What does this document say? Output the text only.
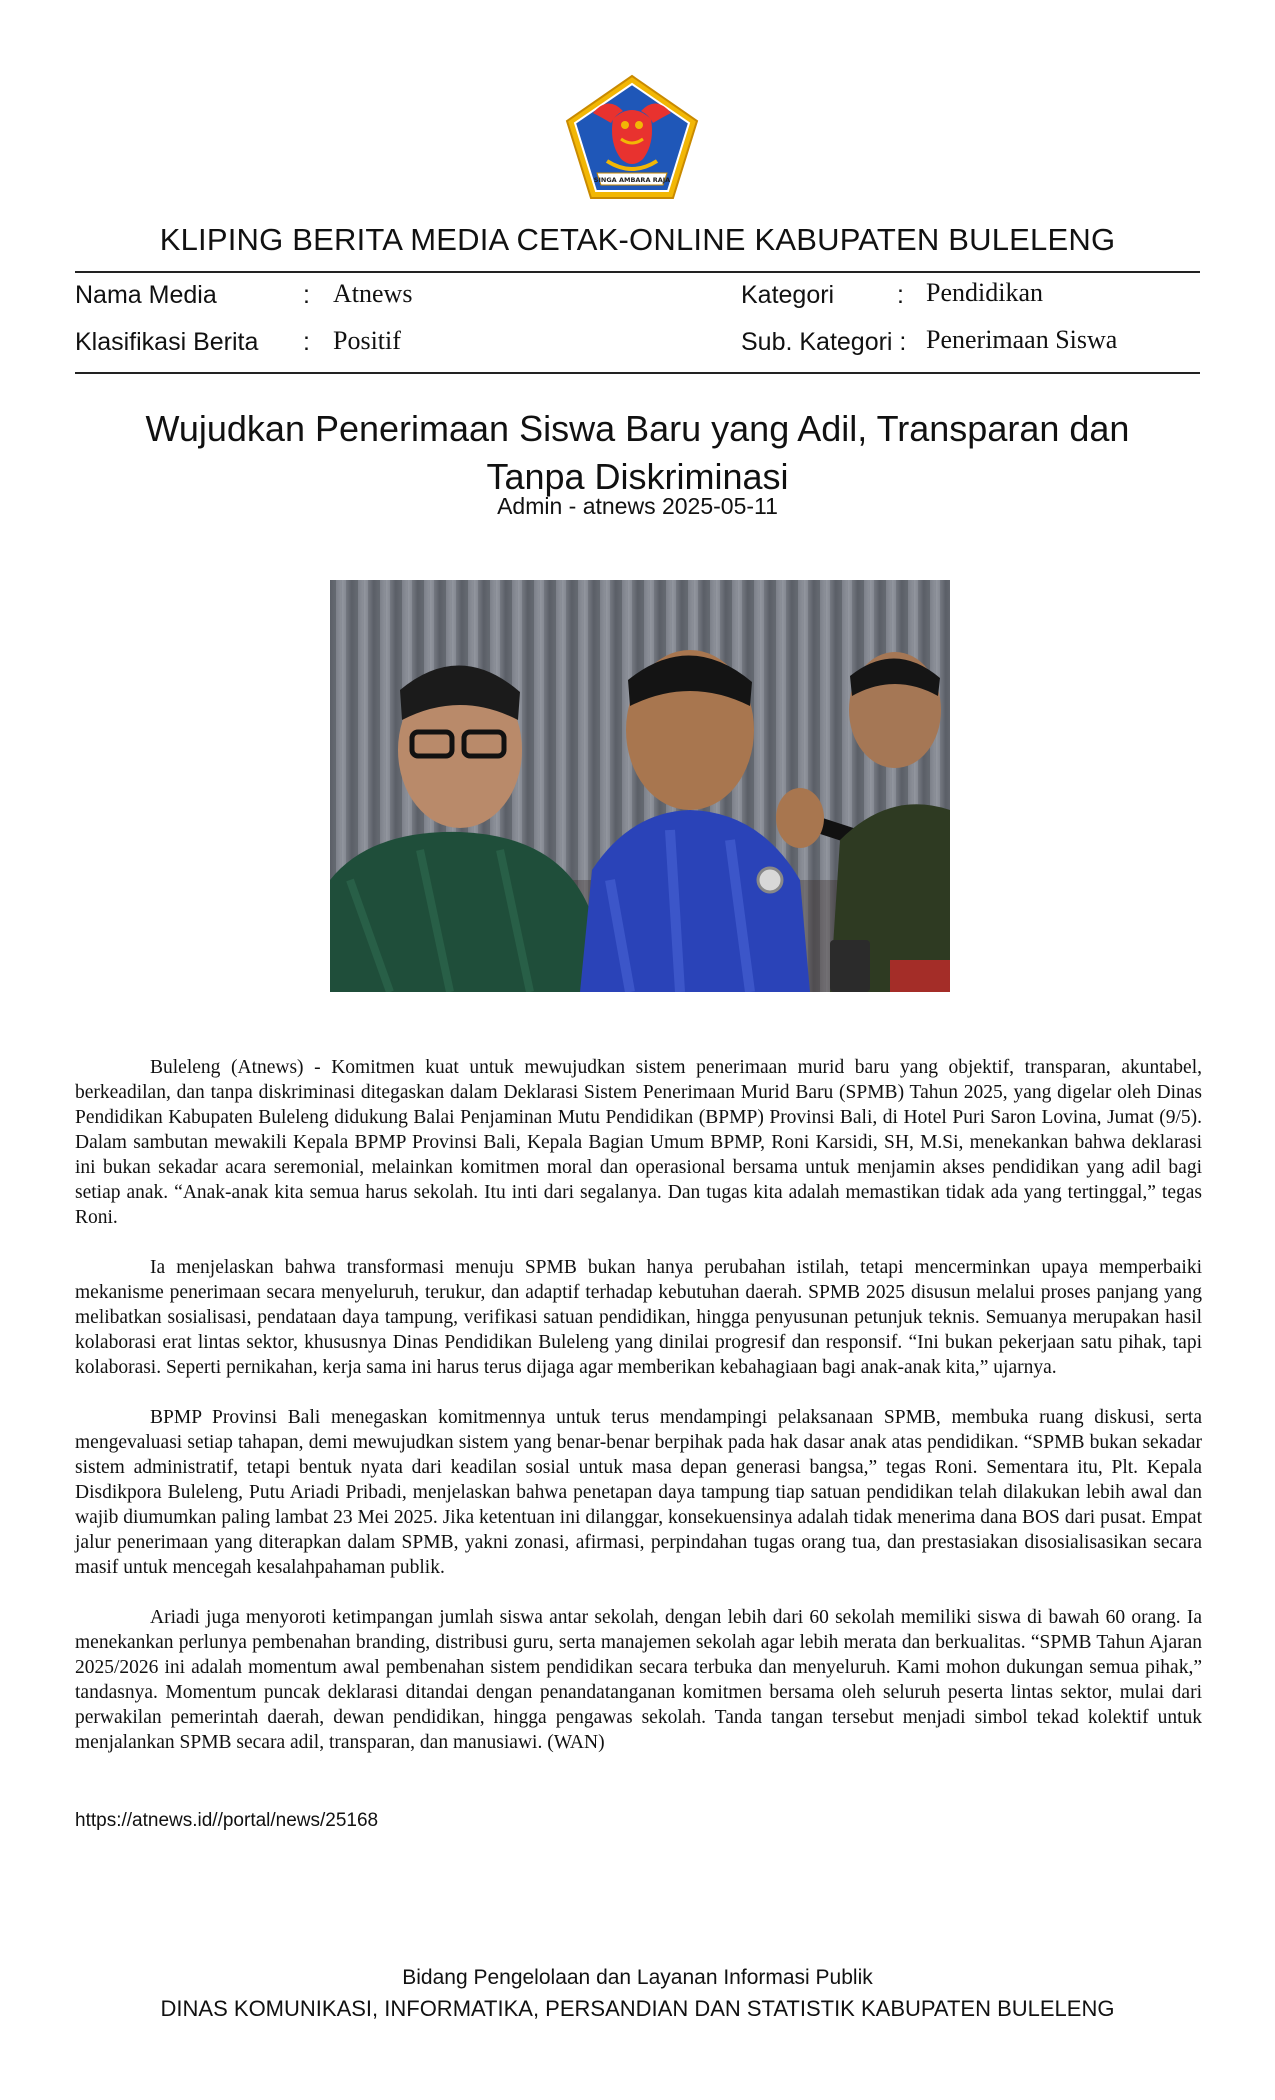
SINGA AMBARA RAJA
KLIPING BERITA MEDIA CETAK-ONLINE KABUPATEN BULELENG
Nama Media	: Atnews	Kategori	: Pendidikan
Klasifikasi Berita : Positif	Sub. Kategori : Penerimaan Siswa
Wujudkan Penerimaan Siswa Baru yang Adil, Transparan dan Tanpa Diskriminasi
Admin - atnews 2025-05-11

Buleleng (Atnews) - Komitmen kuat untuk mewujudkan sistem penerimaan murid baru yang objektif, transparan, akuntabel, berkeadilan, dan tanpa diskriminasi ditegaskan dalam Deklarasi Sistem Penerimaan Murid Baru (SPMB) Tahun 2025, yang digelar oleh Dinas Pendidikan Kabupaten Buleleng didukung Balai Penjaminan Mutu Pendidikan (BPMP) Provinsi Bali, di Hotel Puri Saron Lovina, Jumat (9/5). Dalam sambutan mewakili Kepala BPMP Provinsi Bali, Kepala Bagian Umum BPMP, Roni Karsidi, SH, M.Si, menekankan bahwa deklarasi ini bukan sekadar acara seremonial, melainkan komitmen moral dan operasional bersama untuk menjamin akses pendidikan yang adil bagi setiap anak. “Anak-anak kita semua harus sekolah. Itu inti dari segalanya. Dan tugas kita adalah memastikan tidak ada yang tertinggal,” tegas Roni.

Ia menjelaskan bahwa transformasi menuju SPMB bukan hanya perubahan istilah, tetapi mencerminkan upaya memperbaiki mekanisme penerimaan secara menyeluruh, terukur, dan adaptif terhadap kebutuhan daerah. SPMB 2025 disusun melalui proses panjang yang melibatkan sosialisasi, pendataan daya tampung, verifikasi satuan pendidikan, hingga penyusunan petunjuk teknis. Semuanya merupakan hasil kolaborasi erat lintas sektor, khususnya Dinas Pendidikan Buleleng yang dinilai progresif dan responsif. “Ini bukan pekerjaan satu pihak, tapi kolaborasi. Seperti pernikahan, kerja sama ini harus terus dijaga agar memberikan kebahagiaan bagi anak-anak kita,” ujarnya.

BPMP Provinsi Bali menegaskan komitmennya untuk terus mendampingi pelaksanaan SPMB, membuka ruang diskusi, serta mengevaluasi setiap tahapan, demi mewujudkan sistem yang benar-benar berpihak pada hak dasar anak atas pendidikan. “SPMB bukan sekadar sistem administratif, tetapi bentuk nyata dari keadilan sosial untuk masa depan generasi bangsa,” tegas Roni. Sementara itu, Plt. Kepala Disdikpora Buleleng, Putu Ariadi Pribadi, menjelaskan bahwa penetapan daya tampung tiap satuan pendidikan telah dilakukan lebih awal dan wajib diumumkan paling lambat 23 Mei 2025. Jika ketentuan ini dilanggar, konsekuensinya adalah tidak menerima dana BOS dari pusat. Empat jalur penerimaan yang diterapkan dalam SPMB, yakni zonasi, afirmasi, perpindahan tugas orang tua, dan prestasiakan disosialisasikan secara masif untuk mencegah kesalahpahaman publik.

Ariadi juga menyoroti ketimpangan jumlah siswa antar sekolah, dengan lebih dari 60 sekolah memiliki siswa di bawah 60 orang. Ia menekankan perlunya pembenahan branding, distribusi guru, serta manajemen sekolah agar lebih merata dan berkualitas. “SPMB Tahun Ajaran 2025/2026 ini adalah momentum awal pembenahan sistem pendidikan secara terbuka dan menyeluruh. Kami mohon dukungan semua pihak,” tandasnya. Momentum puncak deklarasi ditandai dengan penandatanganan komitmen bersama oleh seluruh peserta lintas sektor, mulai dari perwakilan pemerintah daerah, dewan pendidikan, hingga pengawas sekolah. Tanda tangan tersebut menjadi simbol tekad kolektif untuk menjalankan SPMB secara adil, transparan, dan manusiawi. (WAN)

https://atnews.id//portal/news/25168
Bidang Pengelolaan dan Layanan Informasi Publik
DINAS KOMUNIKASI, INFORMATIKA, PERSANDIAN DAN STATISTIK KABUPATEN BULELENG
